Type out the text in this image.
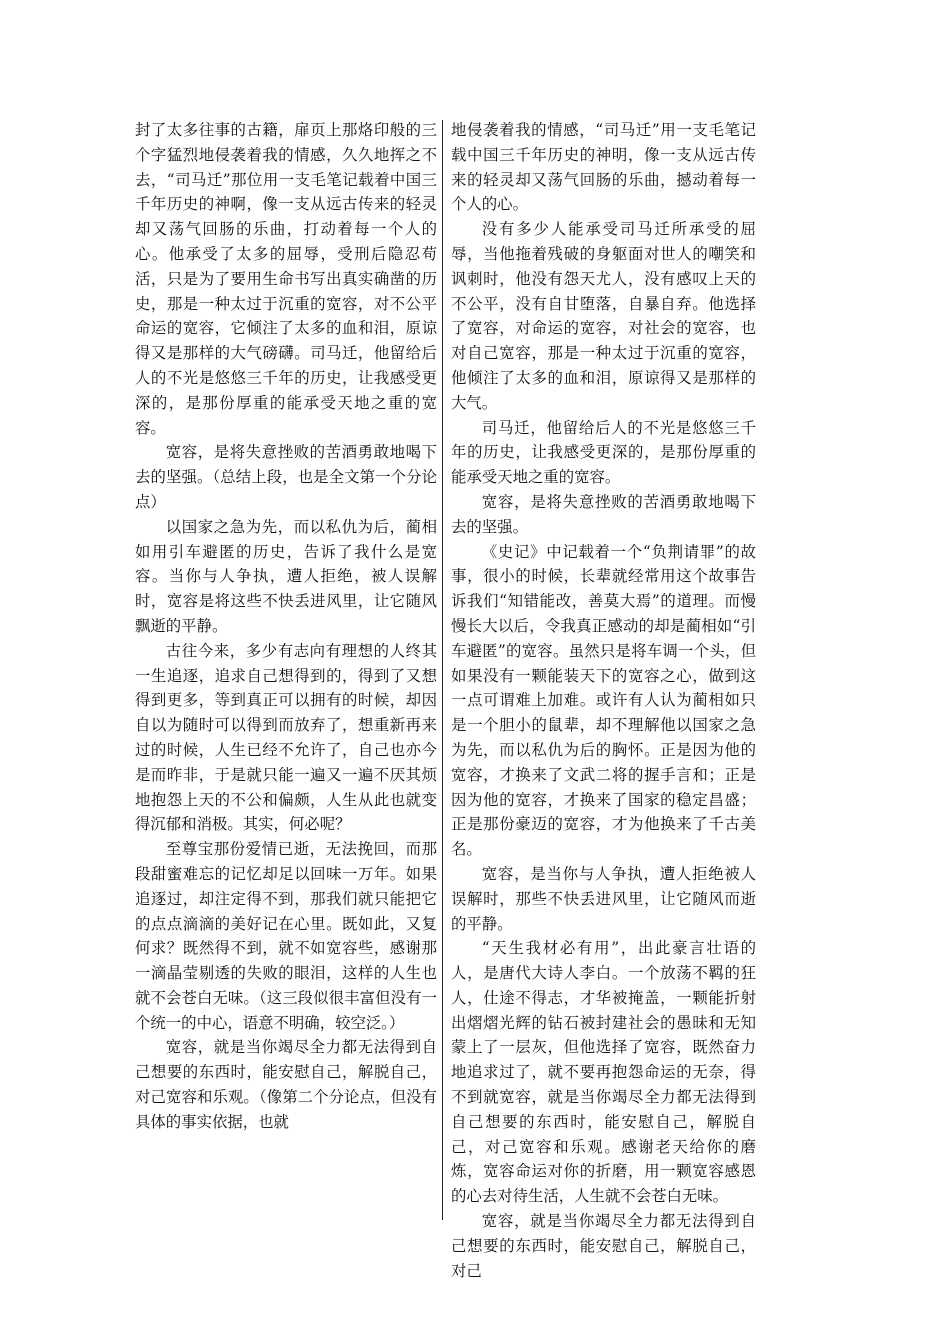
封了太多往事的古籍，扉页上那烙印般的三个字猛烈地侵袭着我的情感，久久地挥之不去，“司马迁”那位用一支毛笔记载着中国三千年历史的神啊，像一支从远古传来的轻灵却又荡气回肠的乐曲，打动着每一个人的心。他承受了太多的屈辱，受刑后隐忍苟活，只是为了要用生命书写出真实确凿的历史，那是一种太过于沉重的宽容，对不公平命运的宽容，它倾注了太多的血和泪，原谅得又是那样的大气磅礴。司马迁，他留给后人的不光是悠悠三千年的历史，让我感受更深的，是那份厚重的能承受天地之重的宽容。

宽容，是将失意挫败的苦酒勇敢地喝下去的坚强。（总结上段，也是全文第一个分论点）

以国家之急为先，而以私仇为后，蔺相如用引车避匿的历史，告诉了我什么是宽容。当你与人争执，遭人拒绝，被人误解时，宽容是将这些不快丢进风里，让它随风飘逝的平静。

古往今来，多少有志向有理想的人终其一生追逐，追求自己想得到的，得到了又想得到更多，等到真正可以拥有的时候，却因自以为随时可以得到而放弃了，想重新再来过的时候，人生已经不允许了，自己也亦今是而昨非，于是就只能一遍又一遍不厌其烦地抱怨上天的不公和偏颇，人生从此也就变得沉郁和消极。其实，何必呢？

至尊宝那份爱情已逝，无法挽回，而那段甜蜜难忘的记忆却足以回味一万年。如果追逐过，却注定得不到，那我们就只能把它的点点滴滴的美好记在心里。既如此，又复何求？既然得不到，就不如宽容些，感谢那一滴晶莹剔透的失败的眼泪，这样的人生也就不会苍白无味。（这三段似很丰富但没有一个统一的中心，语意不明确，较空泛。）

宽容，就是当你竭尽全力都无法得到自己想要的东西时，能安慰自己，解脱自己，对己宽容和乐观。（像第二个分论点，但没有具体的事实依据，也就

地侵袭着我的情感，“司马迁”用一支毛笔记载中国三千年历史的神明，像一支从远古传来的轻灵却又荡气回肠的乐曲，撼动着每一个人的心。

没有多少人能承受司马迁所承受的屈辱，当他拖着残破的身躯面对世人的嘲笑和讽刺时，他没有怨天尤人，没有感叹上天的不公平，没有自甘堕落，自暴自弃。他选择了宽容，对命运的宽容，对社会的宽容，也对自己宽容，那是一种太过于沉重的宽容，他倾注了太多的血和泪，原谅得又是那样的大气。

司马迁，他留给后人的不光是悠悠三千年的历史，让我感受更深的，是那份厚重的能承受天地之重的宽容。

宽容，是将失意挫败的苦酒勇敢地喝下去的坚强。

《史记》中记载着一个“负荆请罪”的故事，很小的时候，长辈就经常用这个故事告诉我们“知错能改，善莫大焉”的道理。而慢慢长大以后，令我真正感动的却是蔺相如“引车避匿”的宽容。虽然只是将车调一个头，但如果没有一颗能装天下的宽容之心，做到这一点可谓难上加难。或许有人认为蔺相如只是一个胆小的鼠辈，却不理解他以国家之急为先，而以私仇为后的胸怀。正是因为他的宽容，才换来了文武二将的握手言和；正是因为他的宽容，才换来了国家的稳定昌盛；正是那份豪迈的宽容，才为他换来了千古美名。

宽容，是当你与人争执，遭人拒绝被人误解时，那些不快丢进风里，让它随风而逝的平静。

“天生我材必有用”，出此豪言壮语的人，是唐代大诗人李白。一个放荡不羁的狂人，仕途不得志，才华被掩盖，一颗能折射出熠熠光辉的钻石被封建社会的愚昧和无知蒙上了一层灰，但他选择了宽容，既然奋力地追求过了，就不要再抱怨命运的无奈，得不到就宽容，就是当你竭尽全力都无法得到自己想要的东西时，能安慰自己，解脱自己，对己宽容和乐观。感谢老天给你的磨炼，宽容命运对你的折磨，用一颗宽容感恩的心去对待生活，人生就不会苍白无味。

宽容，就是当你竭尽全力都无法得到自己想要的东西时，能安慰自己，解脱自己，对己
